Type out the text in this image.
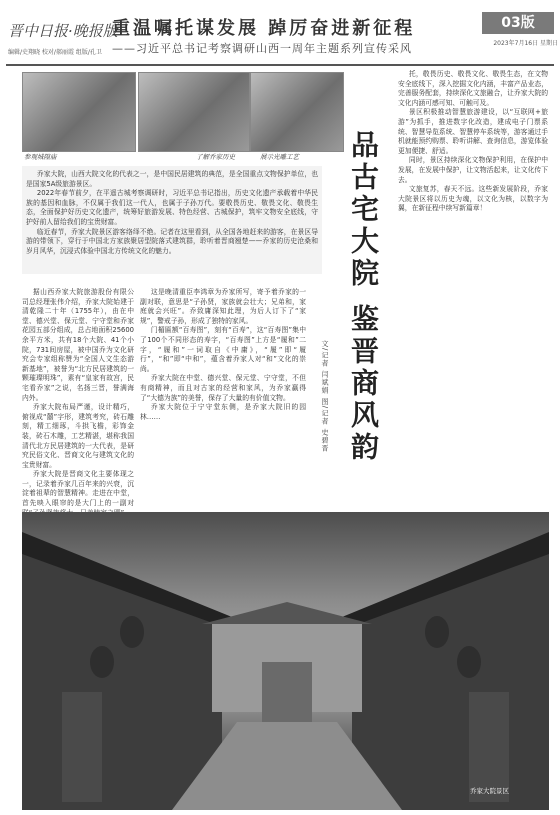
晋中日报·晚报版
编辑/史翔晓 校对/郝丽霞 组版/孔卫
重温嘱托谋发展 踔厉奋进新征程
——习近平总书记考察调研山西一周年主题系列宣传采风
03版
2023年7月16日 星期日
参观城隍庙	了解乔家历史	展示光雕工艺

乔家大院，山西大院文化的代表之一，是中国民居建筑的典范，是全国重点文物保护单位，也是国家5A级旅游景区。

2022年春节前夕，在平遥古城考察调研时，习近平总书记指出，历史文化遗产承载着中华民族的基因和血脉，不仅属于我们这一代人，也属于子孙万代。要敬畏历史、敬畏文化、敬畏生态，全面保护好历史文化遗产，统筹好旅游发展、特色经营、古城保护，筑牢文物安全底线，守护好前人留给我们的宝贵财富。

临近春节，乔家大院景区游客络绎不绝。记者在这里看到，从全国各地赶来的游客，在景区导游的带领下，穿行于中国北方家族聚居型院落式建筑群，聆听着晋商翘楚——乔家的历史沧桑和岁月风华，沉浸式体验中国北方传统文化的魅力。	品古宅大院 鉴晋商风韵
文/记者 闫斌娟 图/记者 史碧晋

据山西乔家大院旅游股份有限公司总经理张伟介绍，乔家大院始建于清乾隆二十年（1755年），由在中堂、德兴堂、保元堂、宁守堂和乔家花园五部分组成，总占地面积25600余平方米，共有18个大院、41个小院，731间房屋，被中国乔为文化研究会专家组称赞为“全国人文生态游新基地”，被誉为“北方民居建筑的一颗璀璨明珠”，素有“皇家有故宫，民宅看乔家”之说，名扬三晋，誉满海内外。

乔家大院布局严谨，设计精巧，俯视成“囍”字形，建筑考究，砖石雕刻，精工细琢，斗拱飞檐，彩饰金装，砖石木雕，工艺精湛，堪称我国清代北方民居建筑的一大代表，是研究民俗文化、晋商文化与建筑文化的宝贵财富。

乔家大院是晋商文化主要体现之一，记录着乔家几百年来的兴衰，沉淀着祖辈的智慧精神。走进在中堂，首先映入眼帘的是大门上的一副对

这是晚清重臣李鸿章为乔家所写，寄予着乔家的一副对联，意思是“子孙贤，家族就会壮大；兄弟和，家庭就会兴旺”。乔致庸深知此理，为后人订下了“家规”，警戒子孙，形成了独特的家风。

门楣匾额“百寿图”，刻有“百寿”，这“百寿图”集中了100个不同形态的寿字，“百寿图”上方是“履和”二字，“履和”一词取自《中庸》，“履”即“履行”，“和”即“中和”，蕴含着乔家人对“和”文化的崇尚。

乔家大院在中堂、德兴堂、保元堂、宁守堂，不但有商精神，而且对古家的经营和家风，为乔家赢得了“大德为族”的美誉，保存了大量的有价值文物。

乔家大院位于宁守堂东侧，是乔家大院旧的园林……

托，敬畏历史、敬畏文化、敬畏生态，在文物安全底线下，深入挖掘文化内涵，丰富产品业态，完善服务配套，持续深化文旅融合，让乔家大院的文化内涵可感可知、可触可及。

景区积极推动智慧旅游建设，以“互联网+旅游”为抓手，推进数字化改造，建成电子门票系统、智慧导览系统、智慧停车系统等，游客通过手机就能预约购票、聆听讲解、查询信息，游览体验更加便捷、舒适。

同时，景区持续深化文物保护利用，在保护中发展，在发展中保护，让文物活起来，让文化传下去。

文旅复苏，春天不远。这些新发展阶段，乔家大院景区将以历史为魂，以文化为核，以数字为翼，在新征程中续写新篇章！

乔家大院景区
